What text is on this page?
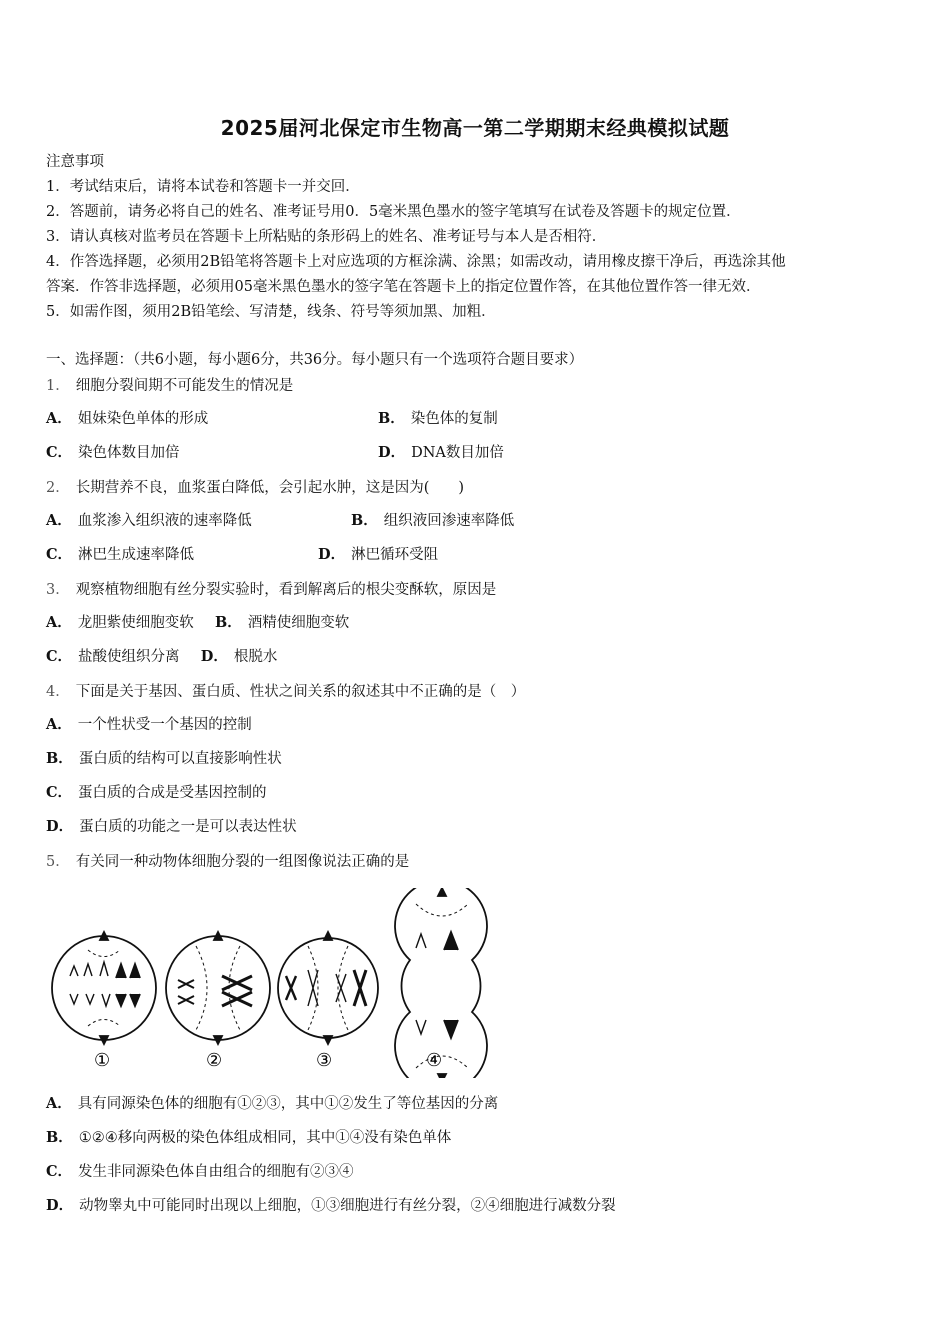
2025届河北保定市生物高一第二学期期末经典模拟试题
注意事项
1．考试结束后，请将本试卷和答题卡一并交回．
2．答题前，请务必将自己的姓名、准考证号用0．5毫米黑色墨水的签字笔填写在试卷及答题卡的规定位置．
3．请认真核对监考员在答题卡上所粘贴的条形码上的姓名、准考证号与本人是否相符．
4．作答选择题，必须用2B铅笔将答题卡上对应选项的方框涂满、涂黑；如需改动，请用橡皮擦干净后，再选涂其他
答案．作答非选择题，必须用05毫米黑色墨水的签字笔在答题卡上的指定位置作答，在其他位置作答一律无效．
5．如需作图，须用2B铅笔绘、写清楚，线条、符号等须加黑、加粗．
一、选择题：（共6小题，每小题6分，共36分。每小题只有一个选项符合题目要求）
1． 细胞分裂间期不可能发生的情况是
A． 姐妹染色单体的形成	B． 染色体的复制
C． 染色体数目加倍	D． DNA数目加倍
2． 长期营养不良，血浆蛋白降低，会引起水肿，这是因为(　　)
A． 血浆渗入组织液的速率降低	B． 组织液回渗速率降低
C． 淋巴生成速率降低	D． 淋巴循环受阻
3． 观察植物细胞有丝分裂实验时，看到解离后的根尖变酥软，原因是
A． 龙胆紫使细胞变软 B． 酒精使细胞变软
C． 盐酸使组织分离 D． 根脱水
4． 下面是关于基因、蛋白质、性状之间关系的叙述其中不正确的是（　）
A． 一个性状受一个基因的控制
B． 蛋白质的结构可以直接影响性状
C． 蛋白质的合成是受基因控制的
D． 蛋白质的功能之一是可以表达性状
5． 有关同一种动物体细胞分裂的一组图像说法正确的是
①	②	③	④
A． 具有同源染色体的细胞有①②③，其中①②发生了等位基因的分离
B． ①②④移向两极的染色体组成相同，其中①④没有染色单体
C． 发生非同源染色体自由组合的细胞有②③④
D． 动物睾丸中可能同时出现以上细胞，①③细胞进行有丝分裂，②④细胞进行减数分裂
